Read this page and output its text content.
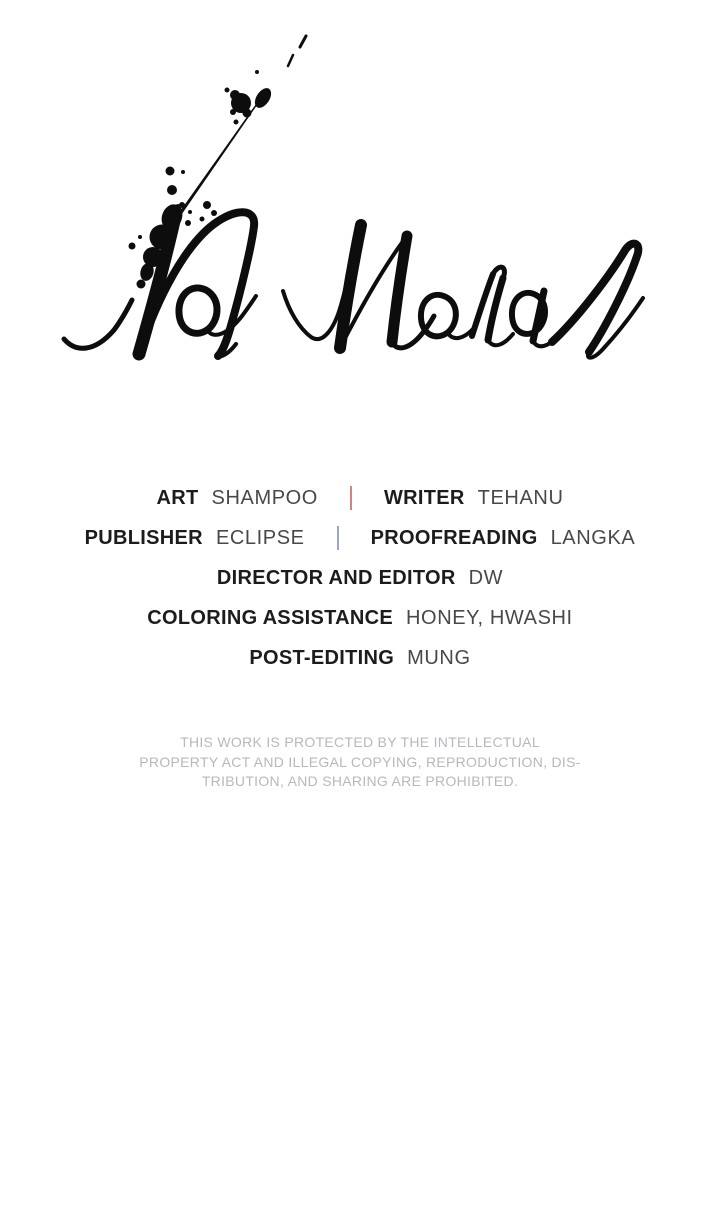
ART SHAMPOO	WRITER TEHANU
PUBLISHER ECLIPSE	PROOFREADING LANGKA
DIRECTOR AND EDITOR DW
COLORING ASSISTANCE HONEY, HWASHI
POST-EDITING MUNG
THIS WORK IS PROTECTED BY THE INTELLECTUAL
PROPERTY ACT AND ILLEGAL COPYING, REPRODUCTION, DIS-
TRIBUTION, AND SHARING ARE PROHIBITED.
